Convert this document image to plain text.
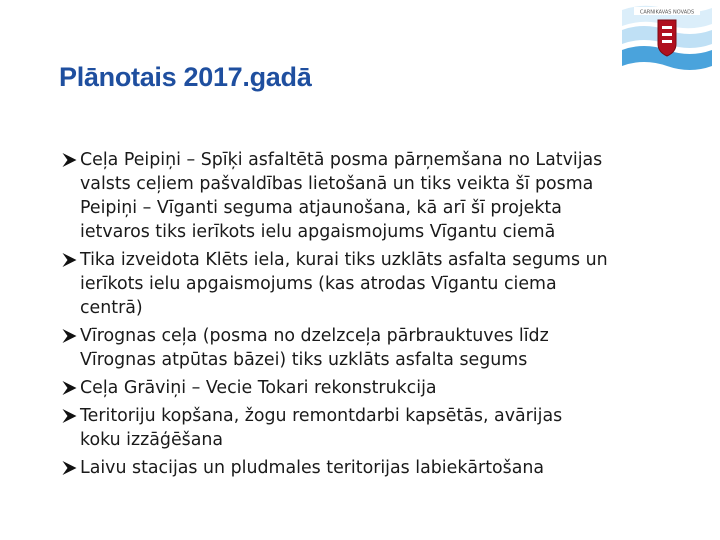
CARNIKAVAS NOVADS
Plānotais 2017.gadā
Ceļa Peipiņi – Spīķi asfaltētā posma pārņemšana no Latvijas
valsts ceļiem pašvaldības lietošanā un tiks veikta šī posma
Peipiņi – Vīganti seguma atjaunošana, kā arī šī projekta
ietvaros tiks ierīkots ielu apgaismojums Vīgantu ciemā
Tika izveidota Klēts iela, kurai tiks uzklāts asfalta segums un
ierīkots ielu apgaismojums (kas atrodas Vīgantu ciema
centrā)
Vīrognas ceļa (posma no dzelzceļa pārbrauktuves līdz
Vīrognas atpūtas bāzei) tiks uzklāts asfalta segums
Ceļa Grāviņi – Vecie Tokari rekonstrukcija
Teritoriju kopšana, žogu remontdarbi kapsētās, avārijas
koku izzāģēšana
Laivu stacijas un pludmales teritorijas labiekārtošana
